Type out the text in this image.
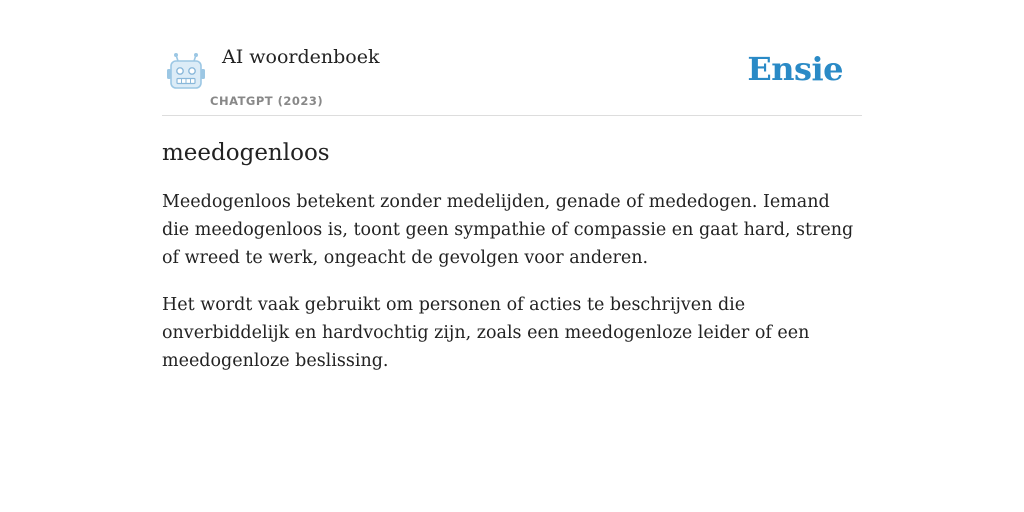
AI woordenboek
CHATGPT (2023)
Ensie
meedogenloos

Meedogenloos betekent zonder medelijden, genade of mededogen. Iemand die meedogenloos is, toont geen sympathie of compassie en gaat hard, streng of wreed te werk, ongeacht de gevolgen voor anderen.

Het wordt vaak gebruikt om personen of acties te beschrijven die onverbiddelijk en hardvochtig zijn, zoals een meedogenloze leider of een meedogenloze beslissing.
